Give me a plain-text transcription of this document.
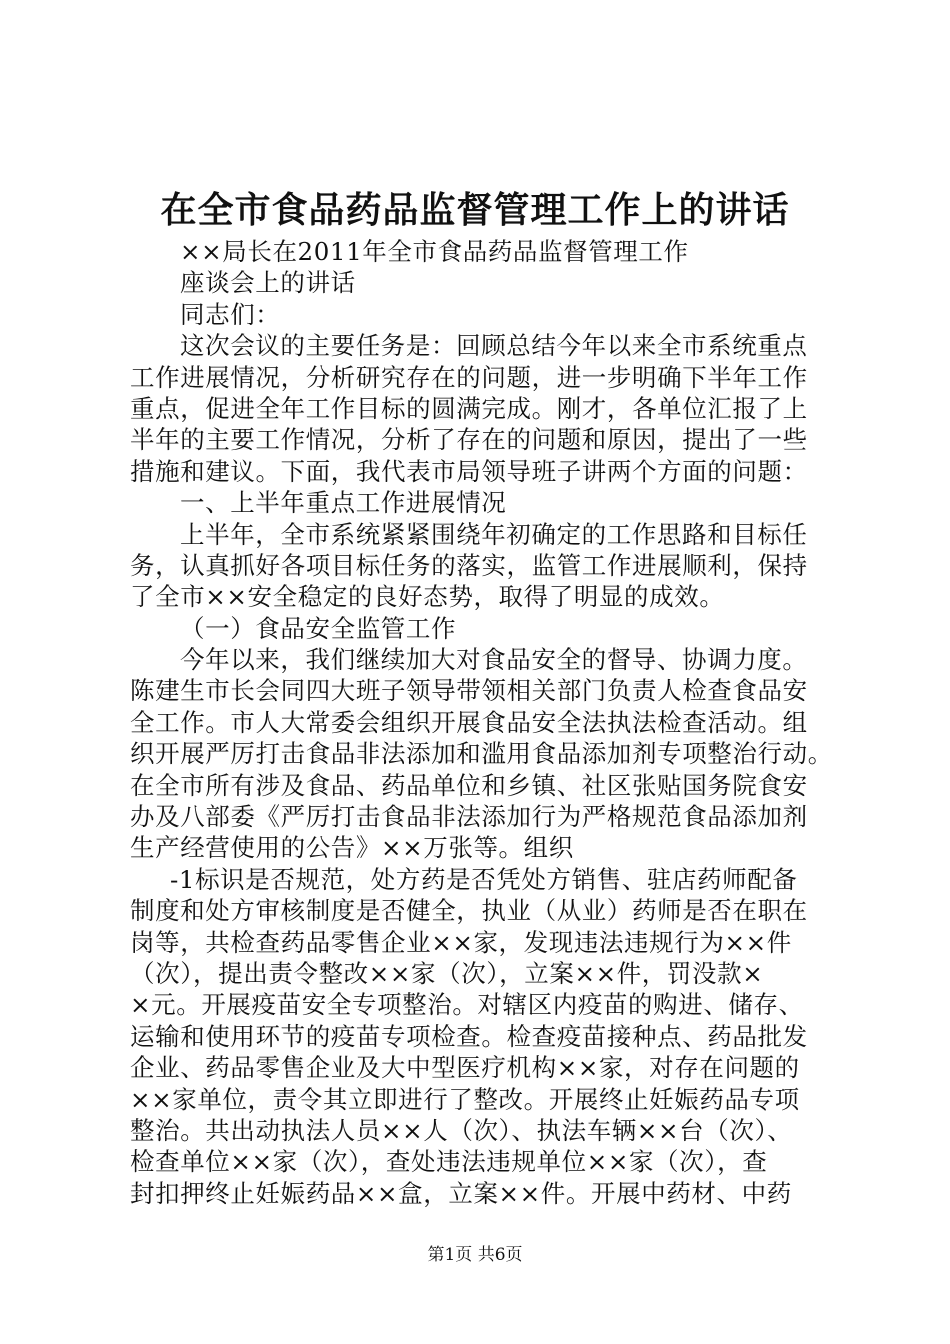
在全市食品药品监督管理工作上的讲话
××局长在2011年全市食品药品监督管理工作
座谈会上的讲话
同志们：
这次会议的主要任务是：回顾总结今年以来全市系统重点
工作进展情况，分析研究存在的问题，进一步明确下半年工作
重点，促进全年工作目标的圆满完成。刚才，各单位汇报了上
半年的主要工作情况，分析了存在的问题和原因，提出了一些
措施和建议。下面，我代表市局领导班子讲两个方面的问题：
一、上半年重点工作进展情况
上半年，全市系统紧紧围绕年初确定的工作思路和目标任
务，认真抓好各项目标任务的落实，监管工作进展顺利，保持
了全市××安全稳定的良好态势，取得了明显的成效。
（一）食品安全监管工作
今年以来，我们继续加大对食品安全的督导、协调力度。
陈建生市长会同四大班子领导带领相关部门负责人检查食品安
全工作。市人大常委会组织开展食品安全法执法检查活动。组
织开展严厉打击食品非法添加和滥用食品添加剂专项整治行动。
在全市所有涉及食品、药品单位和乡镇、社区张贴国务院食安
办及八部委《严厉打击食品非法添加行为严格规范食品添加剂
生产经营使用的公告》××万张等。组织
-1标识是否规范，处方药是否凭处方销售、驻店药师配备
制度和处方审核制度是否健全，执业（从业）药师是否在职在
岗等，共检查药品零售企业××家，发现违法违规行为××件
（次），提出责令整改××家（次），立案××件，罚没款×
×元。开展疫苗安全专项整治。对辖区内疫苗的购进、储存、
运输和使用环节的疫苗专项检查。检查疫苗接种点、药品批发
企业、药品零售企业及大中型医疗机构××家，对存在问题的
××家单位，责令其立即进行了整改。开展终止妊娠药品专项
整治。共出动执法人员××人（次）、执法车辆××台（次）、
检查单位××家（次），查处违法违规单位××家（次），查
封扣押终止妊娠药品××盒，立案××件。开展中药材、中药
第1页 共6页
